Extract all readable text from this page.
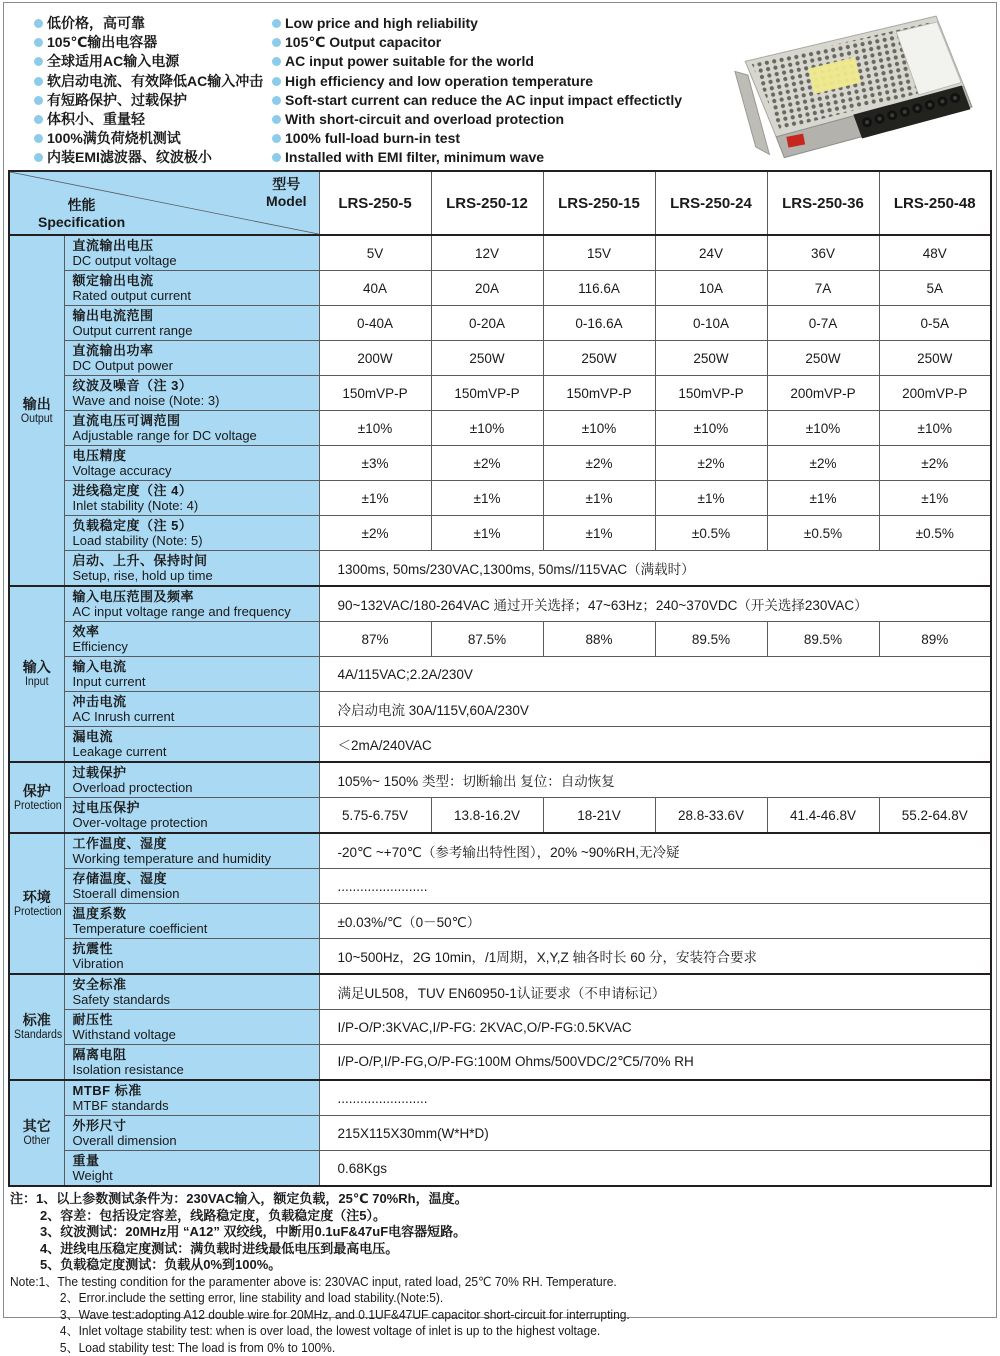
低价格，高可靠
105℃输出电容器
全球适用AC输入电源
软启动电流、有效降低AC输入冲击
有短路保护、过载保护
体积小、重量轻
100%满负荷烧机测试
内装EMI滤波器、纹波极小
Low price and high reliability
105℃ Output capacitor
AC input power suitable for the world
High efficiency and low operation temperature
Soft-start current can reduce the AC input impact effectictly
With short-circuit and overload protection
100% full-load burn-in test
Installed with EMI filter, minimum wave
型号
Model
性能
Specification		LRS-250-5	LRS-250-12	LRS-250-15	LRS-250-24	LRS-250-36	LRS-250-48

输出
Output

直流输出电压
DC output voltage	5V	12V	15V	24V	36V	48V

	额定输出电流
Rated output current	40A	20A	116.6A	10A	7A	5A

	输出电流范围
Output current range	0-40A	0-20A	0-16.6A	0-10A	0-7A	0-5A

	直流输出功率
DC Output power	200W	250W	250W	250W	250W	250W

	纹波及噪音（注 3）
Wave and noise (Note: 3)	150mVP-P	150mVP-P	150mVP-P	150mVP-P	200mVP-P	200mVP-P

	直流电压可调范围
Adjustable range for DC voltage	±10%	±10%	±10%	±10%	±10%	±10%

	电压精度
Voltage accuracy	±3%	±2%	±2%	±2%	±2%	±2%

	进线稳定度（注 4）
Inlet stability (Note: 4)	±1%	±1%	±1%	±1%	±1%	±1%

	负载稳定度（注 5）
Load stability (Note: 5)	±2%	±1%	±1%	±0.5%	±0.5%	±0.5%

	启动、上升、保持时间
Setup, rise, hold up time	1300ms, 50ms/230VAC,1300ms, 50ms//115VAC（满载时）					

输入
Input

输入电压范围及频率
AC input voltage range and frequency	90~132VAC/180-264VAC 通过开关选择；47~63Hz；240~370VDC（开关选择230VAC）

	效率
Efficiency	87%	87.5%	88%	89.5%	89.5%	89%

	输入电流
Input current	4A/115VAC;2.2A/230V					

	冲击电流
AC Inrush current	冷启动电流 30A/115V,60A/230V					

	漏电流
Leakage current	＜2mA/240VAC					

保护
Protection

过载保护
Overload proctection	105%~ 150% 类型：切断输出 复位：自动恢复

	过电压保护
Over-voltage protection	5.75-6.75V	13.8-16.2V	18-21V	28.8-33.6V	41.4-46.8V	55.2-64.8V

环境
Protection

工作温度、湿度
Working temperature and humidity	-20℃ ~+70℃（参考输出特性图），20% ~90%RH,无冷疑

	存储温度、湿度
Stoerall dimension	........................					

	温度系数
Temperature coefficient	±0.03%/℃（0－50℃）					

	抗震性
Vibration	10~500Hz，2G 10min，/1周期，X,Y,Z 轴各时长 60 分，安装符合要求					

标准
Standards

安全标准
Safety standards	满足UL508，TUV EN60950-1认证要求（不申请标记）

	耐压性
Withstand voltage	I/P-O/P:3KVAC,I/P-FG: 2KVAC,O/P-FG:0.5KVAC					

	隔离电阻
Isolation resistance	I/P-O/P,I/P-FG,O/P-FG:100M Ohms/500VDC/2℃5/70% RH					

其它
Other

MTBF 标准
MTBF standards	........................

	外形尺寸
Overall dimension	215X115X30mm(W*H*D)					

	重量
Weight	0.68Kgs					
注：1、以上参数测试条件为：230VAC输入，额定负载，25℃ 70%Rh，温度。
2、容差：包括设定容差，线路稳定度，负载稳定度（注5）。
3、纹波测试：20MHz用 “A12” 双绞线，中断用0.1uF&47uF电容器短路。
4、进线电压稳定度测试：满负载时进线最低电压到最高电压。
5、负载稳定度测试：负载从0%到100%。
Note:1、The testing condition for the paramenter above is: 230VAC input, rated load, 25℃ 70% RH. Temperature.
2、Error.include the setting error, line stability and load stability.(Note:5).
3、Wave test:adopting A12 double wire for 20MHz, and 0.1UF&47UF capacitor short-circuit for interrupting.
4、Inlet voltage stability test: when is over load, the lowest voltage of inlet is up to the highest voltage.
5、Load stability test: The load is from 0% to 100%.
